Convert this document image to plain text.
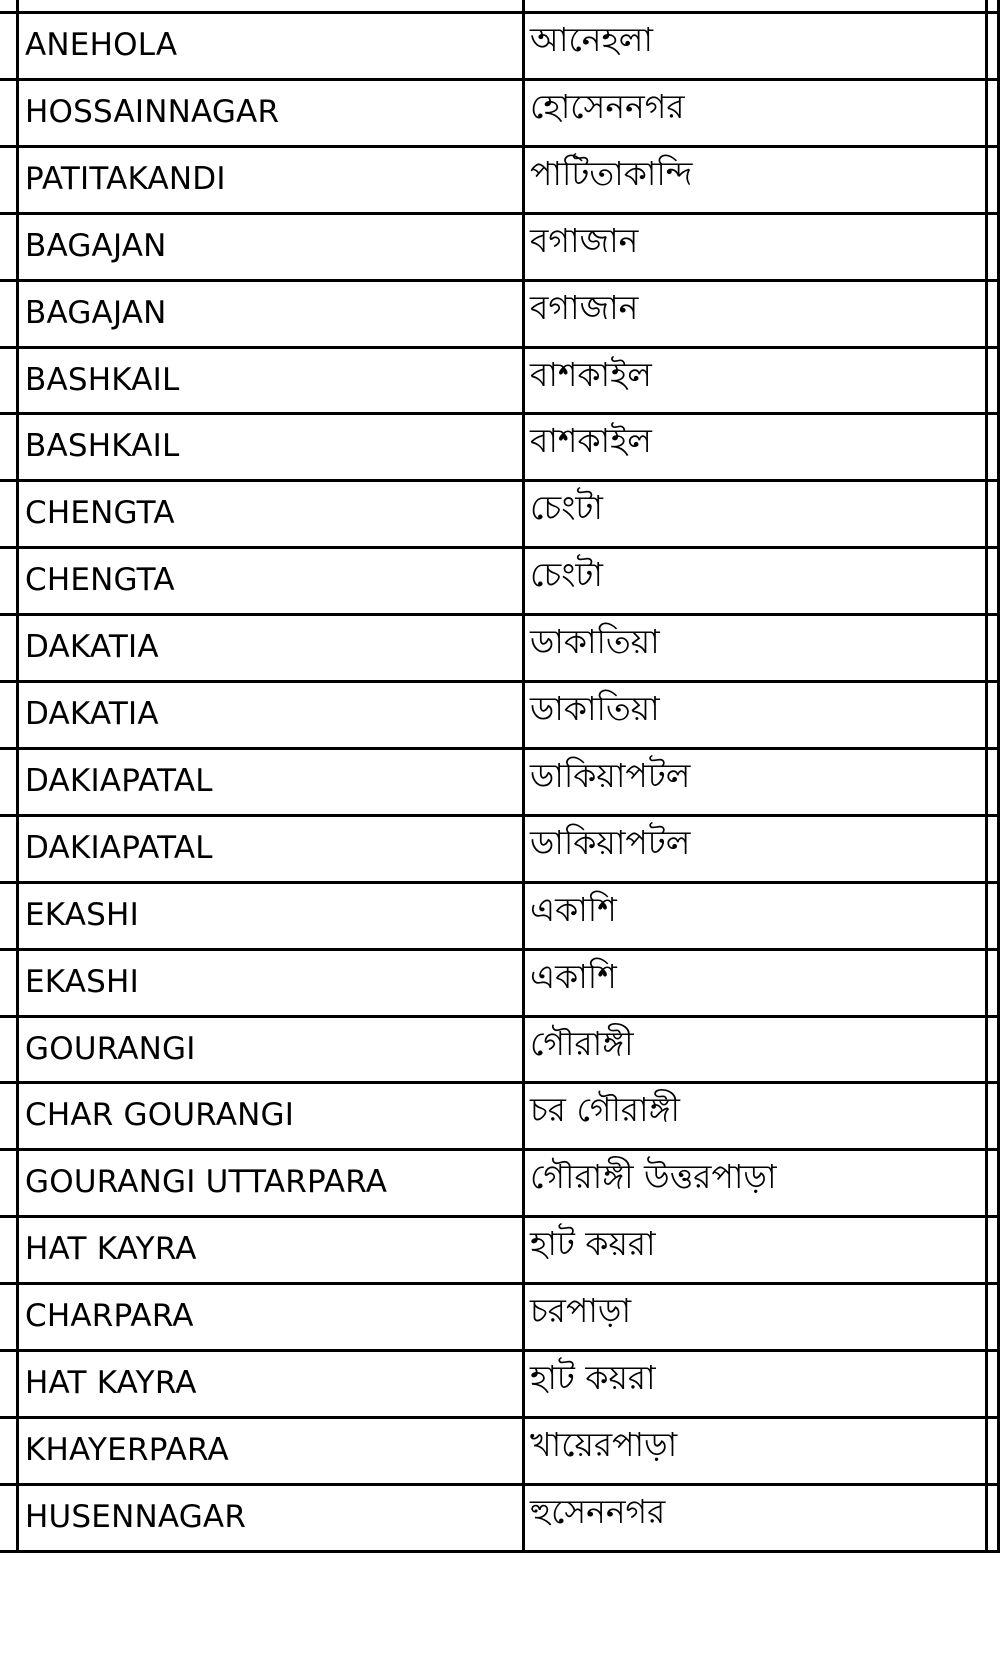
ANEHOLA	আনেহলা
HOSSAINNAGAR	হোসেননগর
PATITAKANDI	পাটিতাকান্দি
BAGAJAN	বগাজান
BAGAJAN	বগাজান
BASHKAIL	বাশকাইল
BASHKAIL	বাশকাইল
CHENGTA	চেংটা
CHENGTA	চেংটা
DAKATIA	ডাকাতিয়া
DAKATIA	ডাকাতিয়া
DAKIAPATAL	ডাকিয়াপটল
DAKIAPATAL	ডাকিয়াপটল
EKASHI	একাশি
EKASHI	একাশি
GOURANGI	গৌরাঙ্গী
CHAR GOURANGI	চর গৌরাঙ্গী
GOURANGI UTTARPARA	গৌরাঙ্গী উত্তরপাড়া
HAT KAYRA	হাট কয়রা
CHARPARA	চরপাড়া
HAT KAYRA	হাট কয়রা
KHAYERPARA	খায়েরপাড়া
HUSENNAGAR	হুসেননগর
